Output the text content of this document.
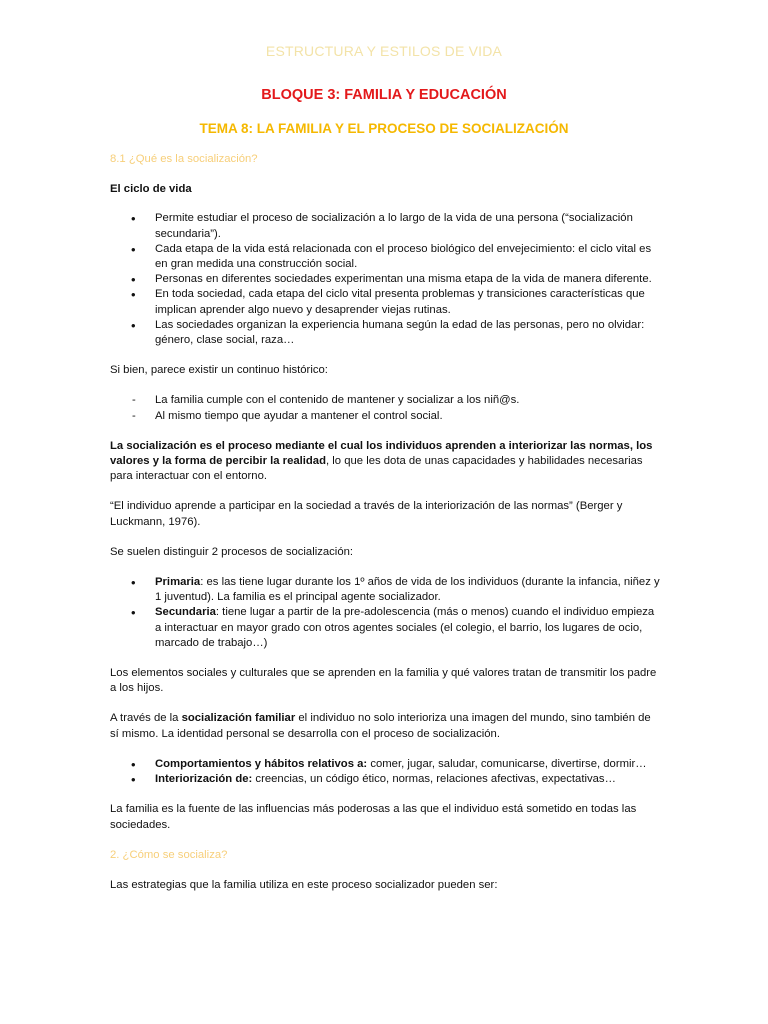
ESTRUCTURA Y ESTILOS DE VIDA
BLOQUE 3: FAMILIA Y EDUCACIÓN
TEMA 8: LA FAMILIA Y EL PROCESO DE SOCIALIZACIÓN

8.1 ¿Qué es la socialización?

El ciclo de vida

• Permite estudiar el proceso de socialización a lo largo de la vida de una persona (“socialización secundaria”).
• Cada etapa de la vida está relacionada con el proceso biológico del envejecimiento: el ciclo vital es en gran medida una construcción social.
• Personas en diferentes sociedades experimentan una misma etapa de la vida de manera diferente.
• En toda sociedad, cada etapa del ciclo vital presenta problemas y transiciones características que implican aprender algo nuevo y desaprender viejas rutinas.
• Las sociedades organizan la experiencia humana según la edad de las personas, pero no olvidar: género, clase social, raza…

Si bien, parece existir un continuo histórico:

- La familia cumple con el contenido de mantener y socializar a los niñ@s.
- Al mismo tiempo que ayudar a mantener el control social.

La socialización es el proceso mediante el cual los individuos aprenden a interiorizar las normas, los valores y la forma de percibir la realidad, lo que les dota de unas capacidades y habilidades necesarias para interactuar con el entorno.

“El individuo aprende a participar en la sociedad a través de la interiorización de las normas” (Berger y Luckmann, 1976).

Se suelen distinguir 2 procesos de socialización:

• Primaria: es las tiene lugar durante los 1º años de vida de los individuos (durante la infancia, niñez y 1 juventud). La familia es el principal agente socializador.
• Secundaria: tiene lugar a partir de la pre-adolescencia (más o menos) cuando el individuo empieza a interactuar en mayor grado con otros agentes sociales (el colegio, el barrio, los lugares de ocio, marcado de trabajo…)

Los elementos sociales y culturales que se aprenden en la familia y qué valores tratan de transmitir los padre a los hijos.

A través de la socialización familiar el individuo no solo interioriza una imagen del mundo, sino también de sí mismo. La identidad personal se desarrolla con el proceso de socialización.

• Comportamientos y hábitos relativos a: comer, jugar, saludar, comunicarse, divertirse, dormir…
• Interiorización de: creencias, un código ético, normas, relaciones afectivas, expectativas…

La familia es la fuente de las influencias más poderosas a las que el individuo está sometido en todas las sociedades.

2. ¿Cómo se socializa?

Las estrategias que la familia utiliza en este proceso socializador pueden ser:
